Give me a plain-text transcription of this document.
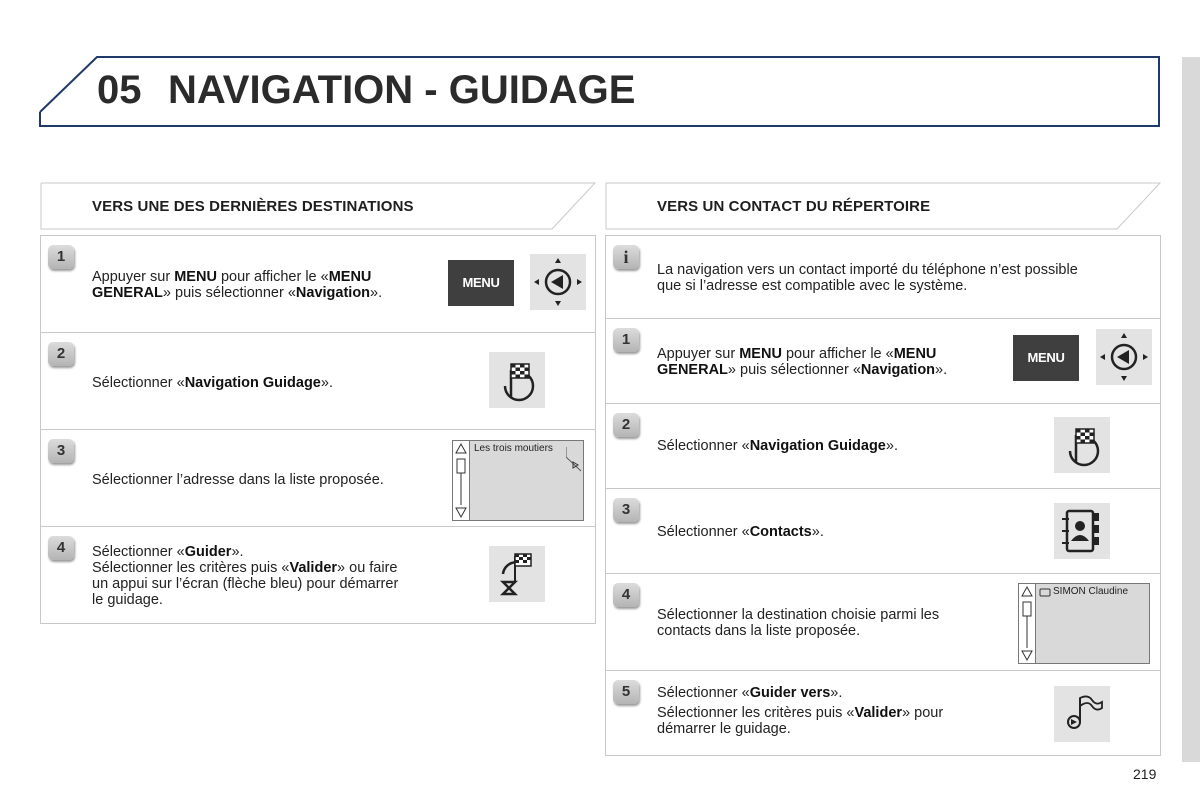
05 NAVIGATION - GUIDAGE
VERS UNE DES DERNIÈRES DESTINATIONS
1
Appuyer sur MENU pour afficher le «MENU
GENERAL» puis sélectionner «Navigation».
MENU
2
Sélectionner «Navigation Guidage».
3
Sélectionner l’adresse dans la liste proposée.
Les trois moutiers
4	Sélectionner «Guider».
Sélectionner les critères puis «Valider» ou faire
un appui sur l’écran (flèche bleu) pour démarrer
le guidage.
VERS UN CONTACT DU RÉPERTOIRE
i
La navigation vers un contact importé du téléphone n’est possible
que si l’adresse est compatible avec le système.
1
Appuyer sur MENU pour afficher le «MENU
GENERAL» puis sélectionner «Navigation».
MENU
2
Sélectionner «Navigation Guidage».
3
Sélectionner «Contacts».
4
Sélectionner la destination choisie parmi les
contacts dans la liste proposée.
SIMON Claudine
5	Sélectionner «Guider vers».
Sélectionner les critères puis «Valider» pour
démarrer le guidage.
219
